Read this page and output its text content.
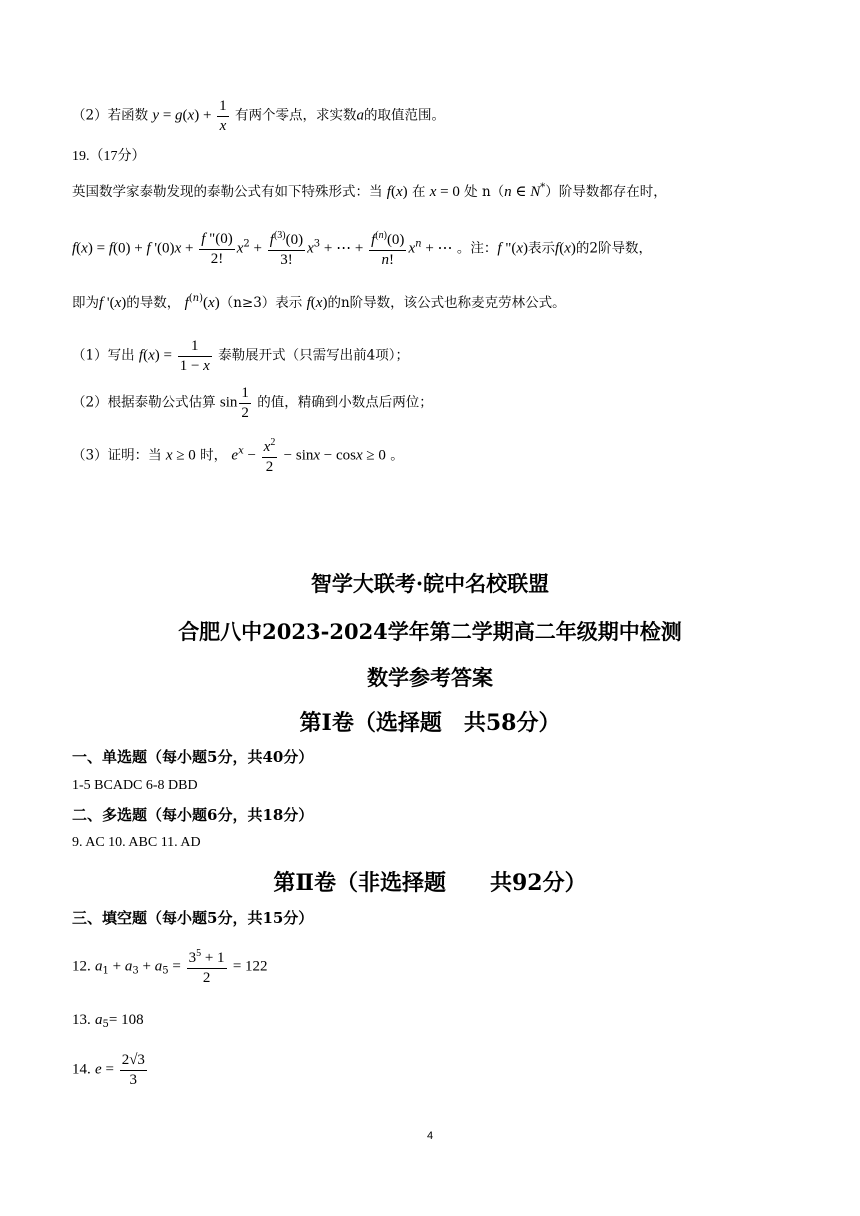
（2）若函数 $y = g(x) + \frac{1}{x}$ 有两个零点，求实数a的取值范围。
19.（17分）
英国数学家泰勒发现的泰勒公式有如下特殊形式：当 f(x) 在 x = 0 处 n（n ∈ N*）阶导数都存在时，
f(x) = f(0) + f '$(0)x + \frac{f "(0)}{2!} x^2 + \frac{f^{(3)}(0)}{3!} x^3$ + ⋯ + $\frac{f^{(n)}(0)}{n!} x^n$ + ⋯ 。注：f "(x)表示f(x)的2阶导数，
即为f '(x)的导数， $f^{(n)}(x)(n\ge 3)$表示 f(x)的n阶导数，该公式也称麦克劳林公式。
（1）写出 $f(x) = \frac{1}{1 - x}$ 泰勒展开式（只需写出前4项）；
（2）根据泰勒公式估算 $\sin \frac{1}{2}$ 的值，精确到小数点后两位；
（3）证明：当 x ≥ 0 时， $e^x - \frac{x^2}{2} - \sin x - \cos x \ge 0$ 。
智学大联考·皖中名校联盟
合肥八中2023-2024学年第二学期高二年级期中检测
数学参考答案
第Ⅰ卷（选择题　共58分）
一、单选题（每小题5分，共40分）
1-5 BCADC 6-8 DBD
二、多选题（每小题6分，共18分）
9. AC 10. ABC 11. AD
第Ⅱ卷（非选择题　　共92分）
三、填空题（每小题5分，共15分）
12. $a_1 + a_3 + a_5 = \frac{3^5 + 1}{2} = 122$
13. $a_5= 108$
14. $e = \frac{2√3}{3}$
4
